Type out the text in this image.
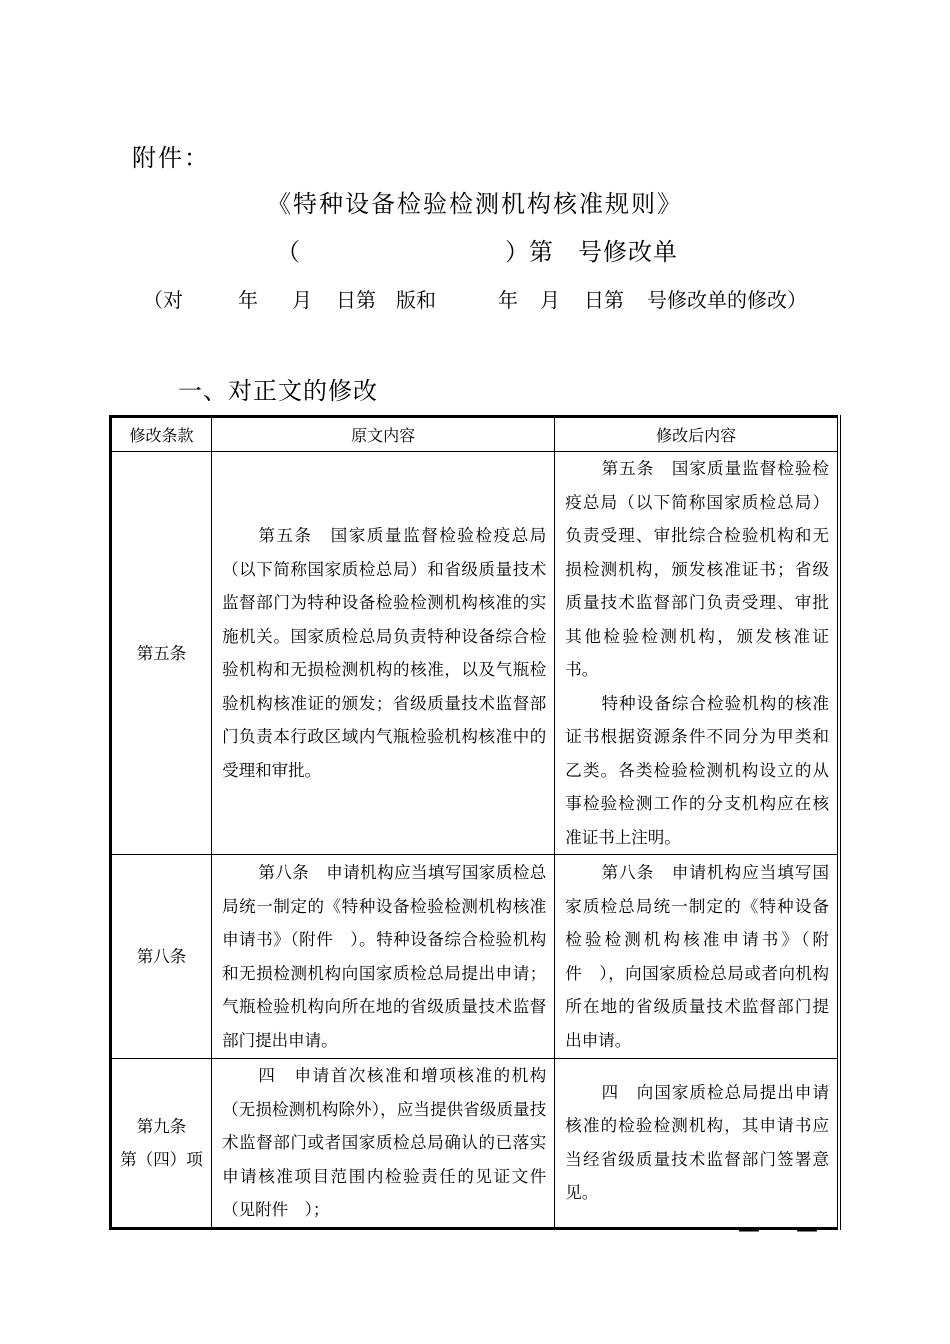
附件：
《特种设备检验检测机构核准规则》
（	）第 号修改单
（对	年 月 日第　版和	年 月 日第 号修改单的修改）
一、对正文的修改
修改条款	原文内容	修改后内容

第五条	第五条　国家质量监督检验检疫总局（以下简称国家质检总局）和省级质量技术监督部门为特种设备检验检测机构核准的实施机关。国家质检总局负责特种设备综合检验机构和无损检测机构的核准，以及气瓶检验机构核准证的颁发；省级质量技术监督部门负责本行政区域内气瓶检验机构核准中的受理和审批。	第五条　国家质量监督检验检疫总局（以下简称国家质检总局）负责受理、审批综合检验机构和无损检测机构，颁发核准证书；省级质量技术监督部门负责受理、审批其他检验检测机构，颁发核准证书。

特种设备综合检验机构的核准证书根据资源条件不同分为甲类和乙类。各类检验检测机构设立的从事检验检测工作的分支机构应在核准证书上注明。

第八条	第八条　申请机构应当填写国家质检总局统一制定的《特种设备检验检测机构核准申请书》（附件　）。特种设备综合检验机构和无损检测机构向国家质检总局提出申请；气瓶检验机构向所在地的省级质量技术监督部门提出申请。	第八条　申请机构应当填写国家质检总局统一制定的《特种设备检验检测机构核准申请书》（附件　），向国家质检总局或者向机构所在地的省级质量技术监督部门提出申请。

第九条
第（四）项	四　申请首次核准和增项核准的机构（无损检测机构除外），应当提供省级质量技术监督部门或者国家质检总局确认的已落实申请核准项目范围内检验责任的见证文件（见附件　）；	四　向国家质检总局提出申请核准的检验检测机构，其申请书应当经省级质量技术监督部门签署意见。

— —
